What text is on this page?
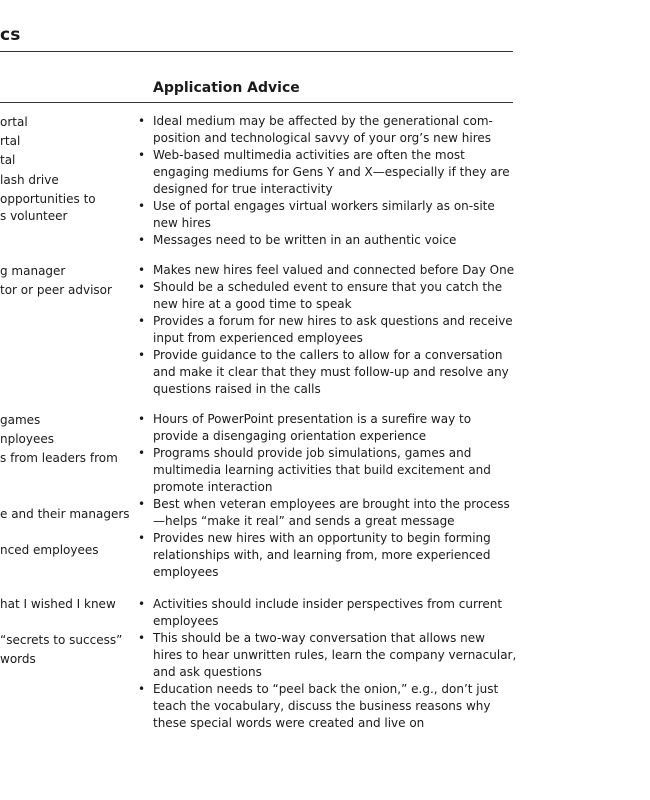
cs
Application Advice
ortal
rtal
tal
lash drive
opportunities to
s volunteer
g manager
tor or peer advisor
games
nployees
s from leaders from
e and their managers
nced employees
hat I wished I knew
“secrets to success”
words
• Ideal medium may be affected by the generational com-position and technological savvy of your org’s new hires
• Web-based multimedia activities are often the most engaging mediums for Gens Y and X—especially if they are designed for true interactivity
• Use of portal engages virtual workers similarly as on-site new hires
• Messages need to be written in an authentic voice
• Makes new hires feel valued and connected before Day One
• Should be a scheduled event to ensure that you catch the new hire at a good time to speak
• Provides a forum for new hires to ask questions and receive input from experienced employees
• Provide guidance to the callers to allow for a conversation and make it clear that they must follow-up and resolve any questions raised in the calls
• Hours of PowerPoint presentation is a surefire way to provide a disengaging orientation experience
• Programs should provide job simulations, games and multimedia learning activities that build excitement and promote interaction
• Best when veteran employees are brought into the process—helps “make it real” and sends a great message
• Provides new hires with an opportunity to begin forming relationships with, and learning from, more experienced employees
• Activities should include insider perspectives from current employees
• This should be a two-way conversation that allows new hires to hear unwritten rules, learn the company vernacular, and ask questions
• Education needs to “peel back the onion,” e.g., don’t just teach the vocabulary, discuss the business reasons why these special words were created and live on
